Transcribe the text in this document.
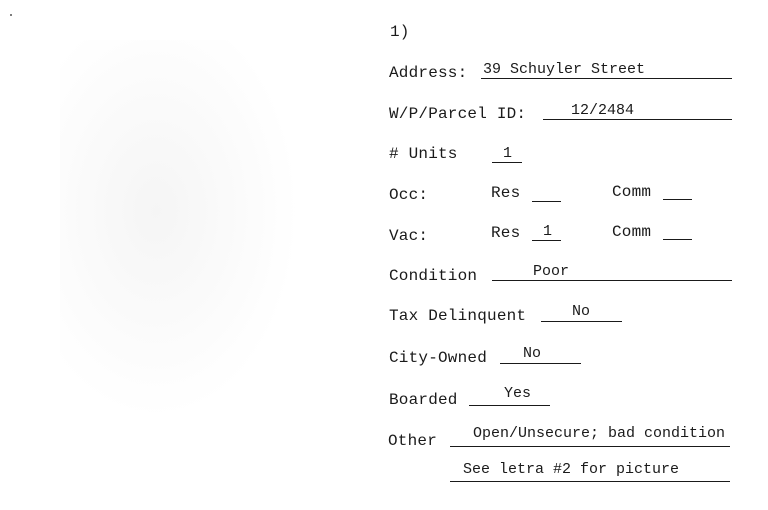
1)
Address: 39 Schuyler Street
W/P/Parcel ID:	12/2484
# Units	1
Occ:	Res	Comm
Vac:	Res 1	Comm
Condition	Poor
Tax Delinquent	No
City-Owned No
Boarded	Yes
Other Open/Unsecure; bad condition
See letra #2 for picture
